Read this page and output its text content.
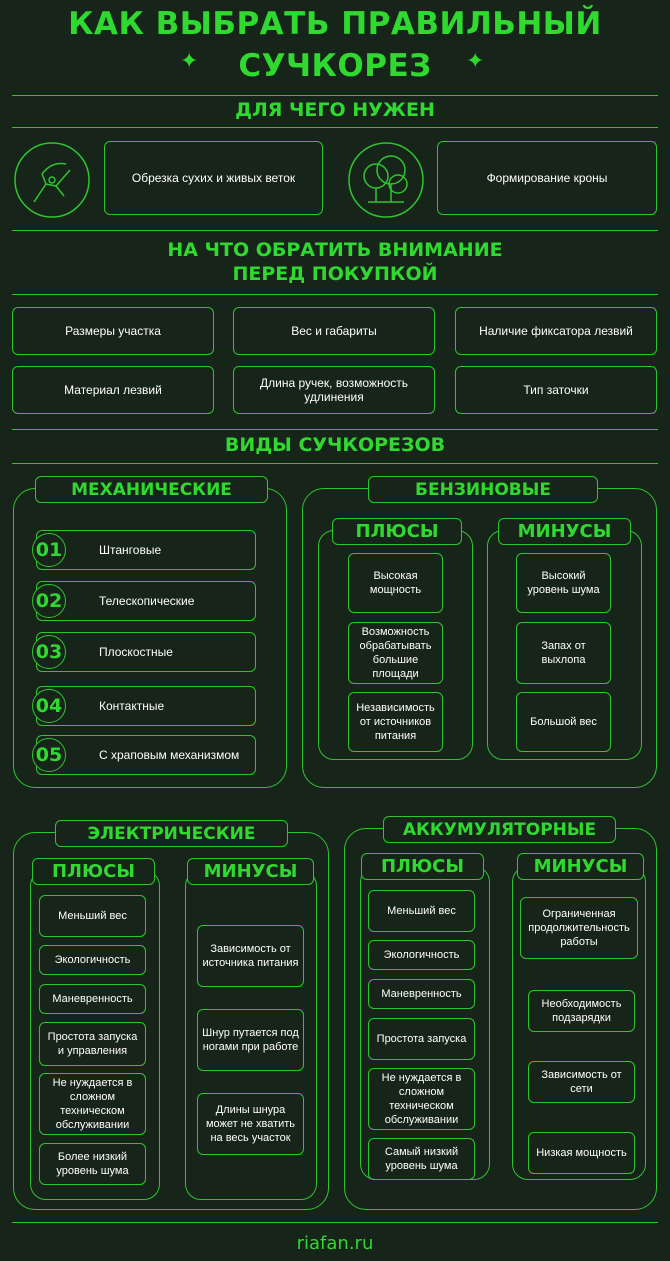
КАК ВЫБРАТЬ ПРАВИЛЬНЫЙ
✦	СУЧКОРЕЗ	✦
ДЛЯ ЧЕГО НУЖЕН
Обрезка сухих и живых веток	Формирование кроны
НА ЧТО ОБРАТИТЬ ВНИМАНИЕ
ПЕРЕД ПОКУПКОЙ
Размеры участка	Вес и габариты	Наличие фиксатора лезвий
Материал лезвий	Длина ручек, возможность удлинения	Тип заточки
ВИДЫ СУЧКОРЕЗОВ
МЕХАНИЧЕСКИЕ
Штанговые
01
Телескопические
02
Плоскостные
03
Контактные
04
С храповым механизмом
05
БЕНЗИНОВЫЕ
ПЛЮСЫ
Высокая мощность
Возможность обрабатывать большие площади
Независимость от источников питания
МИНУСЫ
Высокий уровень шума
Запах от выхлопа
Большой вес
ЭЛЕКТРИЧЕСКИЕ
ПЛЮСЫ
Меньший вес
Экологичность
Маневренность
Простота запуска и управления
Не нуждается в сложном техническом обслуживании
Более низкий уровень шума
МИНУСЫ
Зависимость от источника питания
Шнур путается под ногами при работе
Длины шнура может не хватить на весь участок
АККУМУЛЯТОРНЫЕ
ПЛЮСЫ
Меньший вес
Экологичность
Маневренность
Простота запуска
Не нуждается в сложном техническом обслуживании
Самый низкий уровень шума
МИНУСЫ
Ограниченная продолжительность работы
Необходимость подзарядки
Зависимость от сети
Низкая мощность
riafan.ru
